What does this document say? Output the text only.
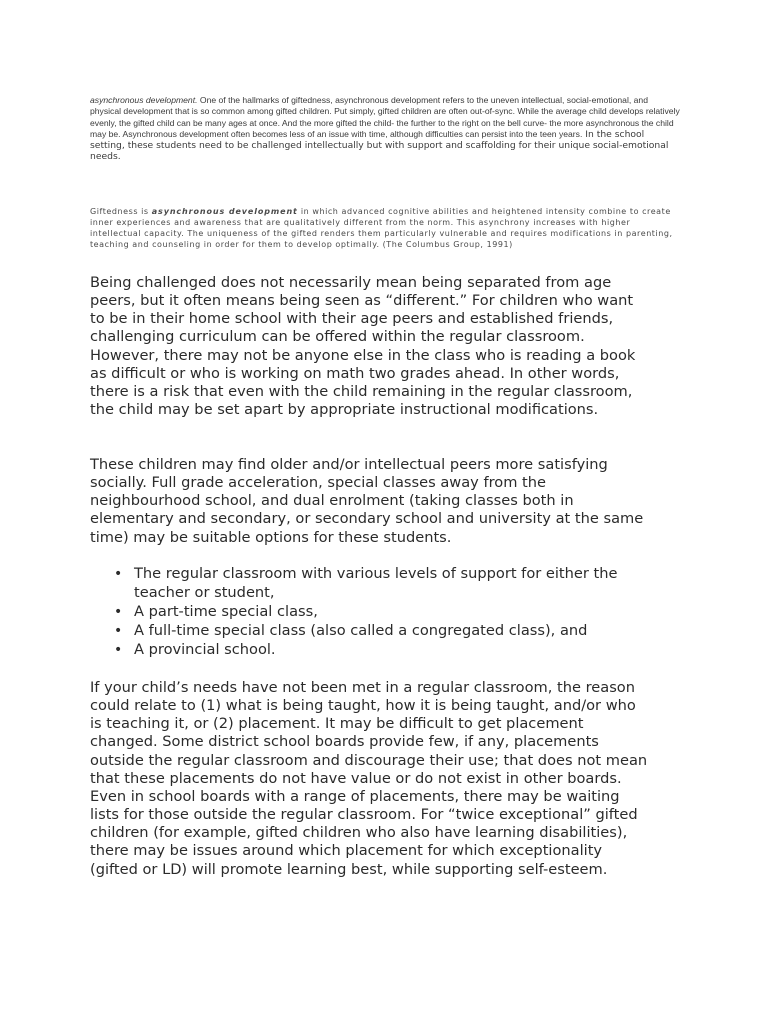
asynchronous development. One of the hallmarks of giftedness, asynchronous development refers to the uneven intellectual, social-emotional, and physical development that is so common among gifted children. Put simply, gifted children are often out-of-sync. While the average child develops relatively evenly, the gifted child can be many ages at once. And the more gifted the child- the further to the right on the bell curve- the more asynchronous the child may be. Asynchronous development often becomes less of an issue with time, although difficulties can persist into the teen years. In the school setting, these students need to be challenged intellectually but with support and scaffolding for their unique social-emotional needs.

Giftedness is asynchronous development in which advanced cognitive abilities and heightened intensity combine to create inner experiences and awareness that are qualitatively different from the norm. This asynchrony increases with higher intellectual capacity. The uniqueness of the gifted renders them particularly vulnerable and requires modifications in parenting, teaching and counseling in order for them to develop optimally. (The Columbus Group, 1991)

Being challenged does not necessarily mean being separated from age peers, but it often means being seen as “different.” For children who want to be in their home school with their age peers and established friends, challenging curriculum can be offered within the regular classroom. However, there may not be anyone else in the class who is reading a book as difficult or who is working on math two grades ahead. In other words, there is a risk that even with the child remaining in the regular classroom, the child may be set apart by appropriate instructional modifications.

These children may find older and/or intellectual peers more satisfying socially. Full grade acceleration, special classes away from the neighbourhood school, and dual enrolment (taking classes both in elementary and secondary, or secondary school and university at the same time) may be suitable options for these students.

• The regular classroom with various levels of support for either the teacher or student,
• A part-time special class,
• A full-time special class (also called a congregated class), and
• A provincial school.

If your child’s needs have not been met in a regular classroom, the reason could relate to (1) what is being taught, how it is being taught, and/or who is teaching it, or (2) placement. It may be difficult to get placement changed. Some district school boards provide few, if any, placements outside the regular classroom and discourage their use; that does not mean that these placements do not have value or do not exist in other boards. Even in school boards with a range of placements, there may be waiting lists for those outside the regular classroom. For “twice exceptional” gifted children (for example, gifted children who also have learning disabilities), there may be issues around which placement for which exceptionality (gifted or LD) will promote learning best, while supporting self-esteem.
